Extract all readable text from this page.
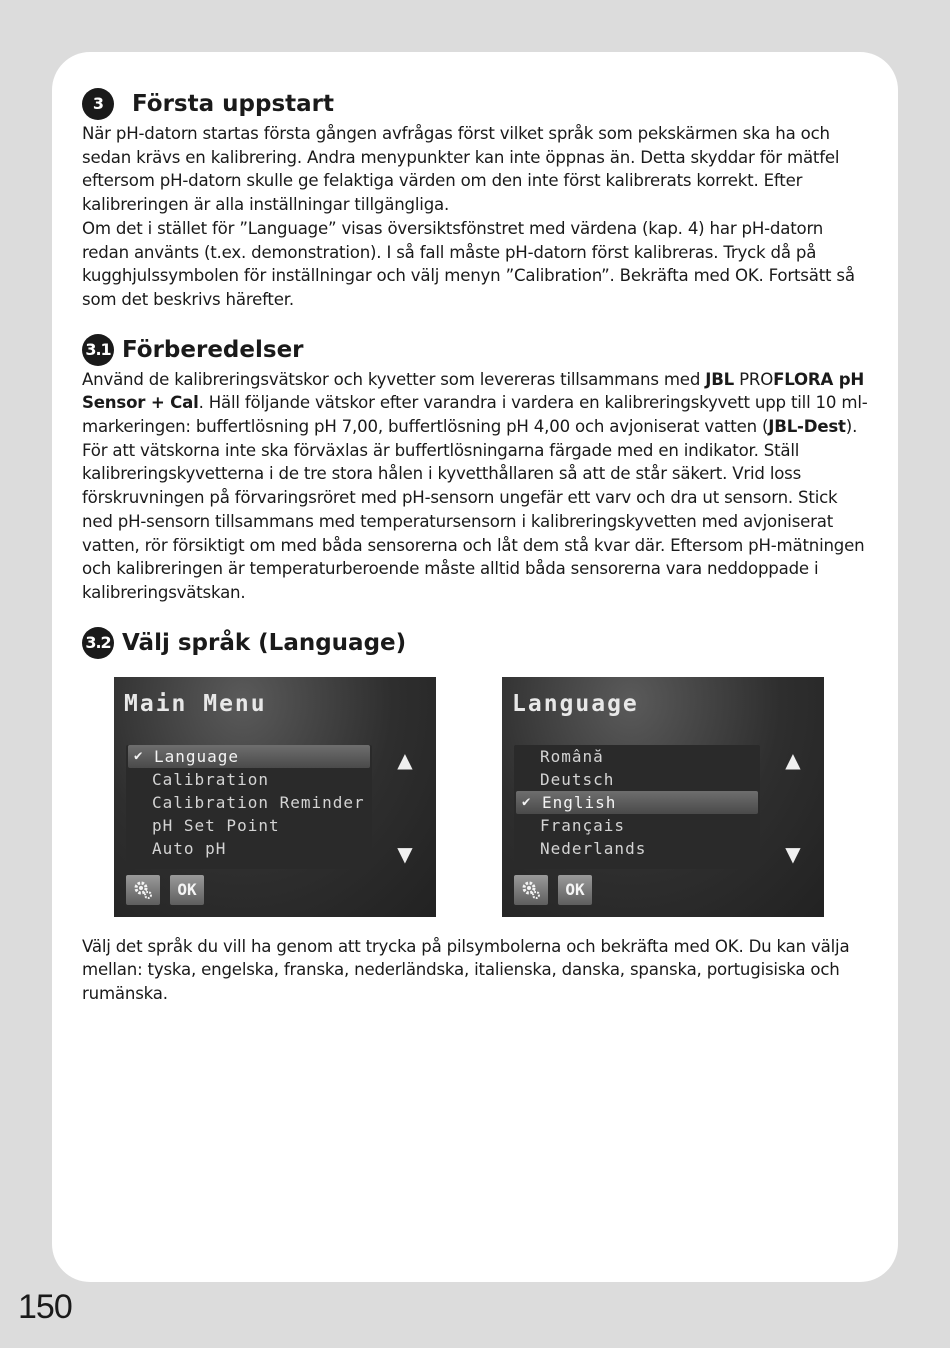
3	Första uppstart

När pH-datorn startas första gången avfrågas först vilket språk som pekskärmen ska ha och sedan krävs en kalibrering. Andra menypunkter kan inte öppnas än. Detta skyddar för mätfel eftersom pH-datorn skulle ge felaktiga värden om den inte först kalibrerats korrekt. Efter kalibreringen är alla inställningar tillgängliga.

Om det i stället för ”Language” visas översiktsfönstret med värdena (kap. 4) har pH-datorn redan använts (t.ex. demonstration). I så fall måste pH-datorn först kalibreras. Tryck då på kugghjulssymbolen för inställningar och välj menyn ”Calibration”. Bekräfta med OK. Fortsätt så som det beskrivs härefter.

3.1 Förberedelser

Använd de kalibreringsvätskor och kyvetter som levereras tillsammans med JBL PROFLORA pH Sensor + Cal. Häll följande vätskor efter varandra i vardera en kalibreringskyvett upp till 10 ml-markeringen: buffertlösning pH 7,00, buffertlösning pH 4,00 och avjoniserat vatten (JBL-Dest). För att vätskorna inte ska förväxlas är buffertlösningarna färgade med en indikator. Ställ kalibreringskyvetterna i de tre stora hålen i kyvetthållaren så att de står säkert. Vrid loss förskruvningen på förvaringsröret med pH-sensorn ungefär ett varv och dra ut sensorn. Stick ned pH-sensorn tillsammans med temperatursensorn i kalibreringskyvetten med avjoniserat vatten, rör försiktigt om med båda sensorerna och låt dem stå kvar där. Eftersom pH-mätningen och kalibreringen är temperaturberoende måste alltid båda sensorerna vara neddoppade i kalibreringsvätskan.

3.2 Välj språk (Language)
Main Menu
✔ Language
Calibration
Calibration Reminder
pH Set Point
Auto pH
▲
▼
OK
Language
Română
Deutsch
✔ English
Français
Nederlands
▲
▼
OK

Välj det språk du vill ha genom att trycka på pilsymbolerna och bekräfta med OK. Du kan välja mellan: tyska, engelska, franska, nederländska, italienska, danska, spanska, portugisiska och rumänska.

150
